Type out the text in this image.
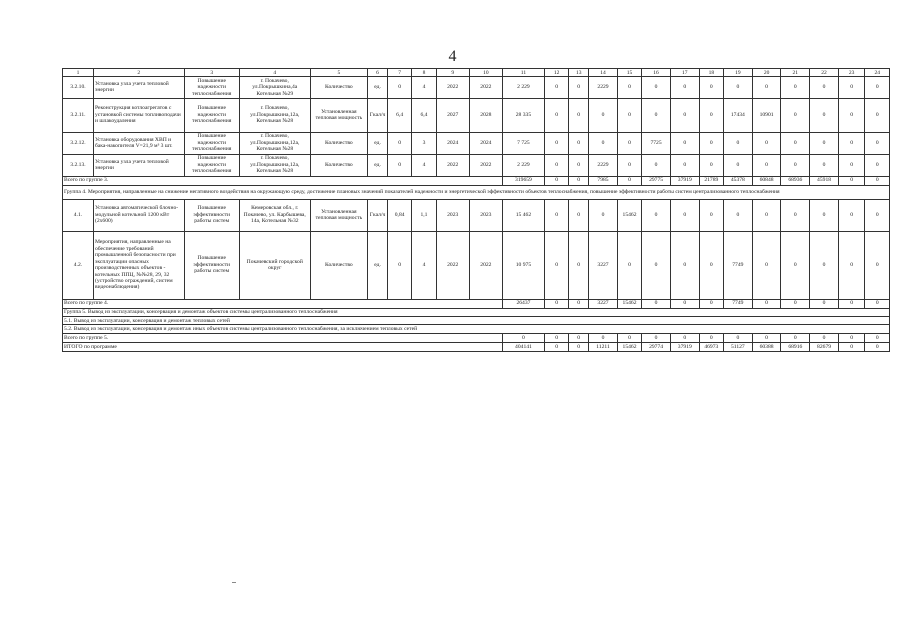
4
1	2	3	4	5	6	7	8	9	10	11	12	13	14	15	16	17	18	19	20	21	22	23	24
3.2.10.	Установка узла учета тепловой энергии	Повышение надежности теплоснабжения	г. Покачево, ул.Покрышкина,4а Котельная №29	Количество	ед.	0	4	2022	2022	2 229	0	0	2229	0	0	0	0	0	0	0	0	0	0
3.2.11.	Реконструкция котлоагрегатов с установкой системы топливоподачи и шлакоудаления	Повышение надежности теплоснабжения	г. Покачево, ул.Покрышкина,12а, Котельная №28	Установленная тепловая мощность	Гкал/ч	6,4	6,4	2027	2028	28 335	0	0	0	0	0	0	0	17434	10901	0	0	0	0
3.2.12.	Установка оборудования ХВП и бака-накопителя V=21,9 м³ 3 шт.	Повышение надежности теплоснабжения	г. Покачево, ул.Покрышкина,12а, Котельная №28	Количество	ед.	0	3	2024	2024	7 725	0	0	0	0	7725	0	0	0	0	0	0	0	0
3.2.13.	Установка узла учета тепловой энергии	Повышение надежности теплоснабжения	г. Покачево, ул.Покрышкина,12а, Котельная №28	Количество	ед.	0	4	2022	2022	2 229	0	0	2229	0	0	0	0	0	0	0	0	0	0
Всего по группе 3.										319659	0	0	7985	0	29775	37919	21789	45378	60848	68936	45918	0	0
Группа 4. Мероприятия, направленные на снижение негативного воздействия на окружающую среду, достижение плановых значений показателей надежности и энергетической эффективности объектов теплоснабжения, повышение эффективности работы систем централизованного теплоснабжения																							
4.1.	Установка автоматической блочно-модульной котельной 1200 кВт (2х600)	Повышение эффективности работы систем	Кемеровская обл., г. Покачево, ул. Карбышева, 14а, Котельная №32	Установленная тепловая мощность	Гкал/ч	0,84	1,1	2023	2023	15 462	0	0	0	15462	0	0	0	0	0	0	0	0	0
4.2.	Мероприятия, направленные на обеспечение требований промышленной безопасности при эксплуатации опасных производственных объектов - котельных ППЦ, №№28, 29, 32 (устройство ограждений, систем видеонаблюдения)	Повышение эффективности работы систем	Покачевский городской округ	Количество	ед.	0	4	2022	2022	10 975	0	0	3227	0	0	0	0	7749	0	0	0	0	0
Всего по группе 4.										26437	0	0	3227	15462	0	0	0	7749	0	0	0	0	0
Группа 5. Вывод из эксплуатации, консервация и демонтаж объектов системы централизованного теплоснабжения																							
5.1. Вывод из эксплуатации, консервация и демонтаж тепловых сетей																							
5.2. Вывод из эксплуатации, консервация и демонтаж иных объектов системы централизованного теплоснабжения, за исключением тепловых сетей																							
Всего по группе 5.										0	0	0	0	0	0	0	0	0	0	0	0	0	0
ИТОГО по программе										404141	0	0	11211	15462	29774	37919	46973	51127	60388	68916	82679	0	0
